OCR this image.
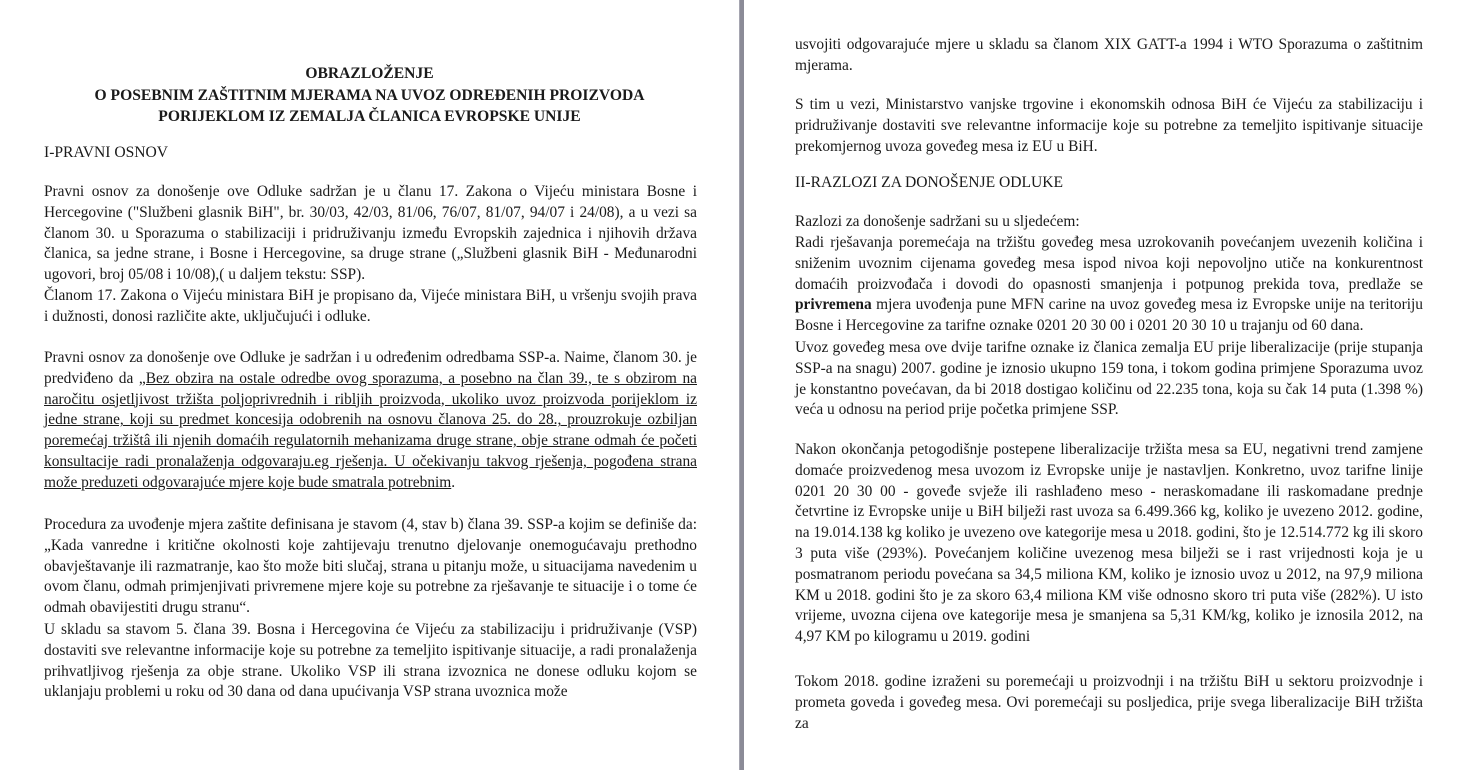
OBRAZLOŽENJE
O POSEBNIM ZAŠTITNIM MJERAMA NA UVOZ ODREĐENIH PROIZVODA
PORIJEKLOM IZ ZEMALJA ČLANICA EVROPSKE UNIJE

I-PRAVNI OSNOV

Pravni osnov za donošenje ove Odluke sadržan je u članu 17. Zakona o Vijeću ministara Bosne i Hercegovine ("Službeni glasnik BiH", br. 30/03, 42/03, 81/06, 76/07, 81/07, 94/07 i 24/08), a u vezi sa članom 30. u Sporazuma o stabilizaciji i pridruživanju između Evropskih zajednica i njihovih država članica, sa jedne strane, i Bosne i Hercegovine, sa druge strane („Službeni glasnik BiH - Međunarodni ugovori, broj 05/08 i 10/08),( u daljem tekstu: SSP).

Članom 17. Zakona o Vijeću ministara BiH je propisano da, Vijeće ministara BiH, u vršenju svojih prava i dužnosti, donosi različite akte, uključujući i odluke.

Pravni osnov za donošenje ove Odluke je sadržan i u određenim odredbama SSP-a. Naime, članom 30. je predviđeno da „Bez obzira na ostale odredbe ovog sporazuma, a posebno na član 39., te s obzirom na naročitu osjetljivost tržišta poljoprivrednih i ribljih proizvoda, ukoliko uvoz proizvoda porijeklom iz jedne strane, koji su predmet koncesija odobrenih na osnovu članova 25. do 28., prouzrokuje ozbiljan poremećaj tržištâ ili njenih domaćih regulatornih mehanizama druge strane, obje strane odmah će početi konsultacije radi pronalaženja odgovaraju.eg rješenja. U očekivanju takvog rješenja, pogođena strana može preduzeti odgovarajuće mjere koje bude smatrala potrebnim.

Procedura za uvođenje mjera zaštite definisana je stavom (4, stav b) člana 39. SSP-a kojim se definiše da: „Kada vanredne i kritične okolnosti koje zahtijevaju trenutno djelovanje onemogućavaju prethodno obavještavanje ili razmatranje, kao što može biti slučaj, strana u pitanju može, u situacijama navedenim u ovom članu, odmah primjenjivati privremene mjere koje su potrebne za rješavanje te situacije i o tome će odmah obavijestiti drugu stranu“.

U skladu sa stavom 5. člana 39. Bosna i Hercegovina će Vijeću za stabilizaciju i pridruživanje (VSP) dostaviti sve relevantne informacije koje su potrebne za temeljito ispitivanje situacije, a radi pronalaženja prihvatljivog rješenja za obje strane. Ukoliko VSP ili strana izvoznica ne donese odluku kojom se uklanjaju problemi u roku od 30 dana od dana upućivanja VSP strana uvoznica može

usvojiti odgovarajuće mjere u skladu sa članom XIX GATT-a 1994 i WTO Sporazuma o zaštitnim mjerama.

S tim u vezi, Ministarstvo vanjske trgovine i ekonomskih odnosa BiH će Vijeću za stabilizaciju i pridruživanje dostaviti sve relevantne informacije koje su potrebne za temeljito ispitivanje situacije prekomjernog uvoza goveđeg mesa iz EU u BiH.

II-RAZLOZI ZA DONOŠENJE ODLUKE

Razlozi za donošenje sadržani su u sljedećem:

Radi rješavanja poremećaja na tržištu goveđeg mesa uzrokovanih povećanjem uvezenih količina i sniženim uvoznim cijenama goveđeg mesa ispod nivoa koji nepovoljno utiče na konkurentnost domaćih proizvođača i dovodi do opasnosti smanjenja i potpunog prekida tova, predlaže se privremena mjera uvođenja pune MFN carine na uvoz goveđeg mesa iz Evropske unije na teritoriju Bosne i Hercegovine za tarifne oznake 0201 20 30 00 i 0201 20 30 10 u trajanju od 60 dana.

Uvoz goveđeg mesa ove dvije tarifne oznake iz članica zemalja EU prije liberalizacije (prije stupanja SSP-a na snagu) 2007. godine je iznosio ukupno 159 tona, i tokom godina primjene Sporazuma uvoz je konstantno povećavan, da bi 2018 dostigao količinu od 22.235 tona, koja su čak 14 puta (1.398 %) veća u odnosu na period prije početka primjene SSP.

Nakon okončanja petogodišnje postepene liberalizacije tržišta mesa sa EU, negativni trend zamjene domaće proizvedenog mesa uvozom iz Evropske unije je nastavljen. Konkretno, uvoz tarifne linije 0201 20 30 00 - goveđe svježe ili rashlađeno meso - neraskomadane ili raskomadane prednje četvrtine iz Evropske unije u BiH bilježi rast uvoza sa 6.499.366 kg, koliko je uvezeno 2012. godine, na 19.014.138 kg koliko je uvezeno ove kategorije mesa u 2018. godini, što je 12.514.772 kg ili skoro 3 puta više (293%). Povećanjem količine uvezenog mesa bilježi se i rast vrijednosti koja je u posmatranom periodu povećana sa 34,5 miliona KM, koliko je iznosio uvoz u 2012, na 97,9 miliona KM u 2018. godini što je za skoro 63,4 miliona KM više odnosno skoro tri puta više (282%). U isto vrijeme, uvozna cijena ove kategorije mesa je smanjena sa 5,31 KM/kg, koliko je iznosila 2012, na 4,97 KM po kilogramu u 2019. godini

Tokom 2018. godine izraženi su poremećaji u proizvodnji i na tržištu BiH u sektoru proizvodnje i prometa goveda i goveđeg mesa. Ovi poremećaji su posljedica, prije svega liberalizacije BiH tržišta za
